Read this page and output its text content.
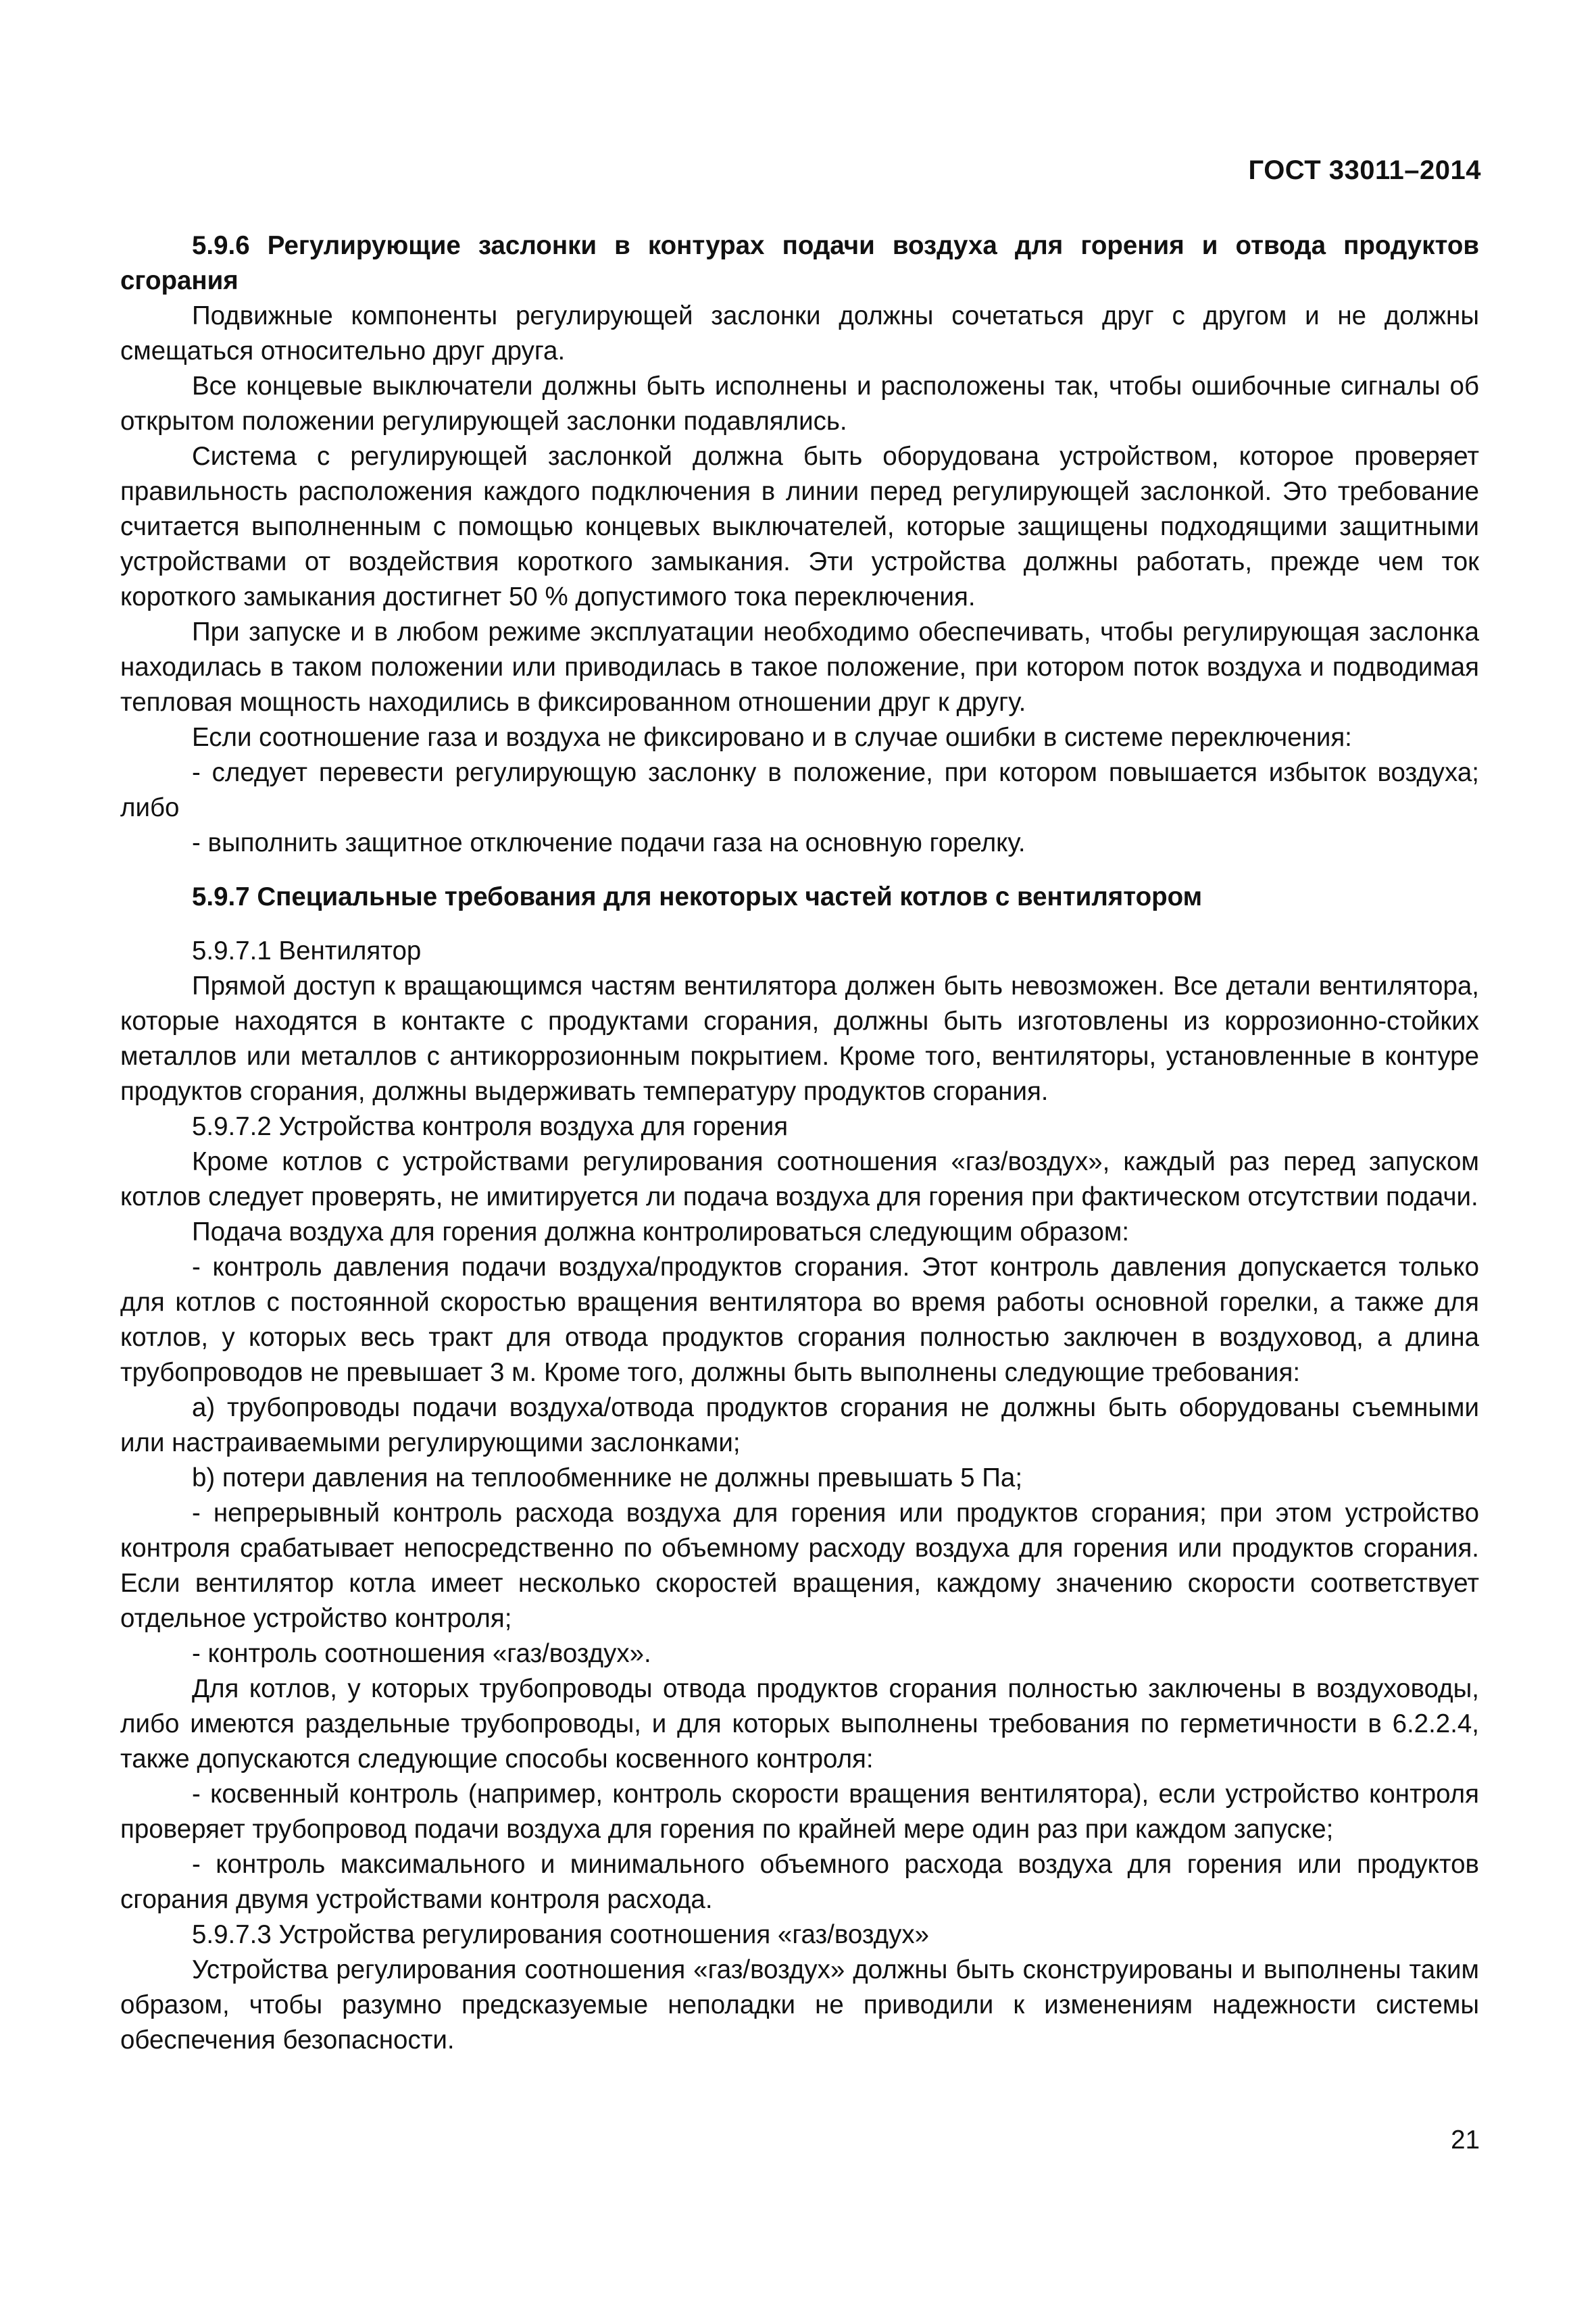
ГОСТ 33011–2014
5.9.6 Регулирующие заслонки в контурах подачи воздуха для горения и отвода продуктов сгорания

Подвижные компоненты регулирующей заслонки должны сочетаться друг с другом и не должны смещаться относительно друг друга.

Все концевые выключатели должны быть исполнены и расположены так, чтобы ошибочные сигналы об открытом положении регулирующей заслонки подавлялись.

Система с регулирующей заслонкой должна быть оборудована устройством, которое проверяет правильность расположения каждого подключения в линии перед регулирующей заслонкой. Это требование считается выполненным с помощью концевых выключателей, которые защищены подходящими защитными устройствами от воздействия короткого замыкания. Эти устройства должны работать, прежде чем ток короткого замыкания достигнет 50 % допустимого тока переключения.

При запуске и в любом режиме эксплуатации необходимо обеспечивать, чтобы регулирующая заслонка находилась в таком положении или приводилась в такое положение, при котором поток воздуха и подводимая тепловая мощность находились в фиксированном отношении друг к другу.

Если соотношение газа и воздуха не фиксировано и в случае ошибки в системе переключения:

- следует перевести регулирующую заслонку в положение, при котором повышается избыток воздуха; либо

- выполнить защитное отключение подачи газа на основную горелку.

5.9.7 Специальные требования для некоторых частей котлов с вентилятором

5.9.7.1 Вентилятор

Прямой доступ к вращающимся частям вентилятора должен быть невозможен. Все детали вентилятора, которые находятся в контакте с продуктами сгорания, должны быть изготовлены из коррозионно-стойких металлов или металлов с антикоррозионным покрытием. Кроме того, вентиляторы, установленные в контуре продуктов сгорания, должны выдерживать температуру продуктов сгорания.

5.9.7.2 Устройства контроля воздуха для горения

Кроме котлов с устройствами регулирования соотношения «газ/воздух», каждый раз перед запуском котлов следует проверять, не имитируется ли подача воздуха для горения при фактическом отсутствии подачи.

Подача воздуха для горения должна контролироваться следующим образом:

- контроль давления подачи воздуха/продуктов сгорания. Этот контроль давления допускается только для котлов с постоянной скоростью вращения вентилятора во время работы основной горелки, а также для котлов, у которых весь тракт для отвода продуктов сгорания полностью заключен в воздуховод, а длина трубопроводов не превышает 3 м. Кроме того, должны быть выполнены следующие требования:

a) трубопроводы подачи воздуха/отвода продуктов сгорания не должны быть оборудованы съемными или настраиваемыми регулирующими заслонками;

b) потери давления на теплообменнике не должны превышать 5 Па;

- непрерывный контроль расхода воздуха для горения или продуктов сгорания; при этом устройство контроля срабатывает непосредственно по объемному расходу воздуха для горения или продуктов сгорания. Если вентилятор котла имеет несколько скоростей вращения, каждому значению скорости соответствует отдельное устройство контроля;

- контроль соотношения «газ/воздух».

Для котлов, у которых трубопроводы отвода продуктов сгорания полностью заключены в воздуховоды, либо имеются раздельные трубопроводы, и для которых выполнены требования по герметичности в 6.2.2.4, также допускаются следующие способы косвенного контроля:

- косвенный контроль (например, контроль скорости вращения вентилятора), если устройство контроля проверяет трубопровод подачи воздуха для горения по крайней мере один раз при каждом запуске;

- контроль максимального и минимального объемного расхода воздуха для горения или продуктов сгорания двумя устройствами контроля расхода.

5.9.7.3 Устройства регулирования соотношения «газ/воздух»

Устройства регулирования соотношения «газ/воздух» должны быть сконструированы и выполнены таким образом, чтобы разумно предсказуемые неполадки не приводили к изменениям надежности системы обеспечения безопасности.

21
